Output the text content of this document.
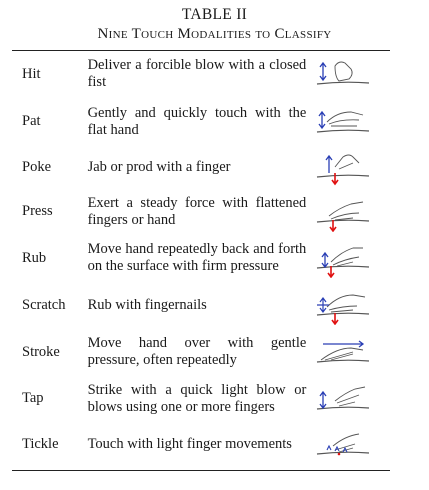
TABLE II
Nine Touch Modalities to Classify
Hit	Deliver a forcible blow with a closed fist	

Pat	Gently and quickly touch with the flat hand	

Poke	Jab or prod with a finger	

Press	Exert a steady force with flattened fingers or hand	

Rub	Move hand repeatedly back and forth on the surface with firm pressure	

Scratch	Rub with fingernails	

Stroke	Move hand over with gentle pressure, often repeatedly	

Tap	Strike with a quick light blow or blows using one or more fingers	

Tickle	Touch with light finger movements	
